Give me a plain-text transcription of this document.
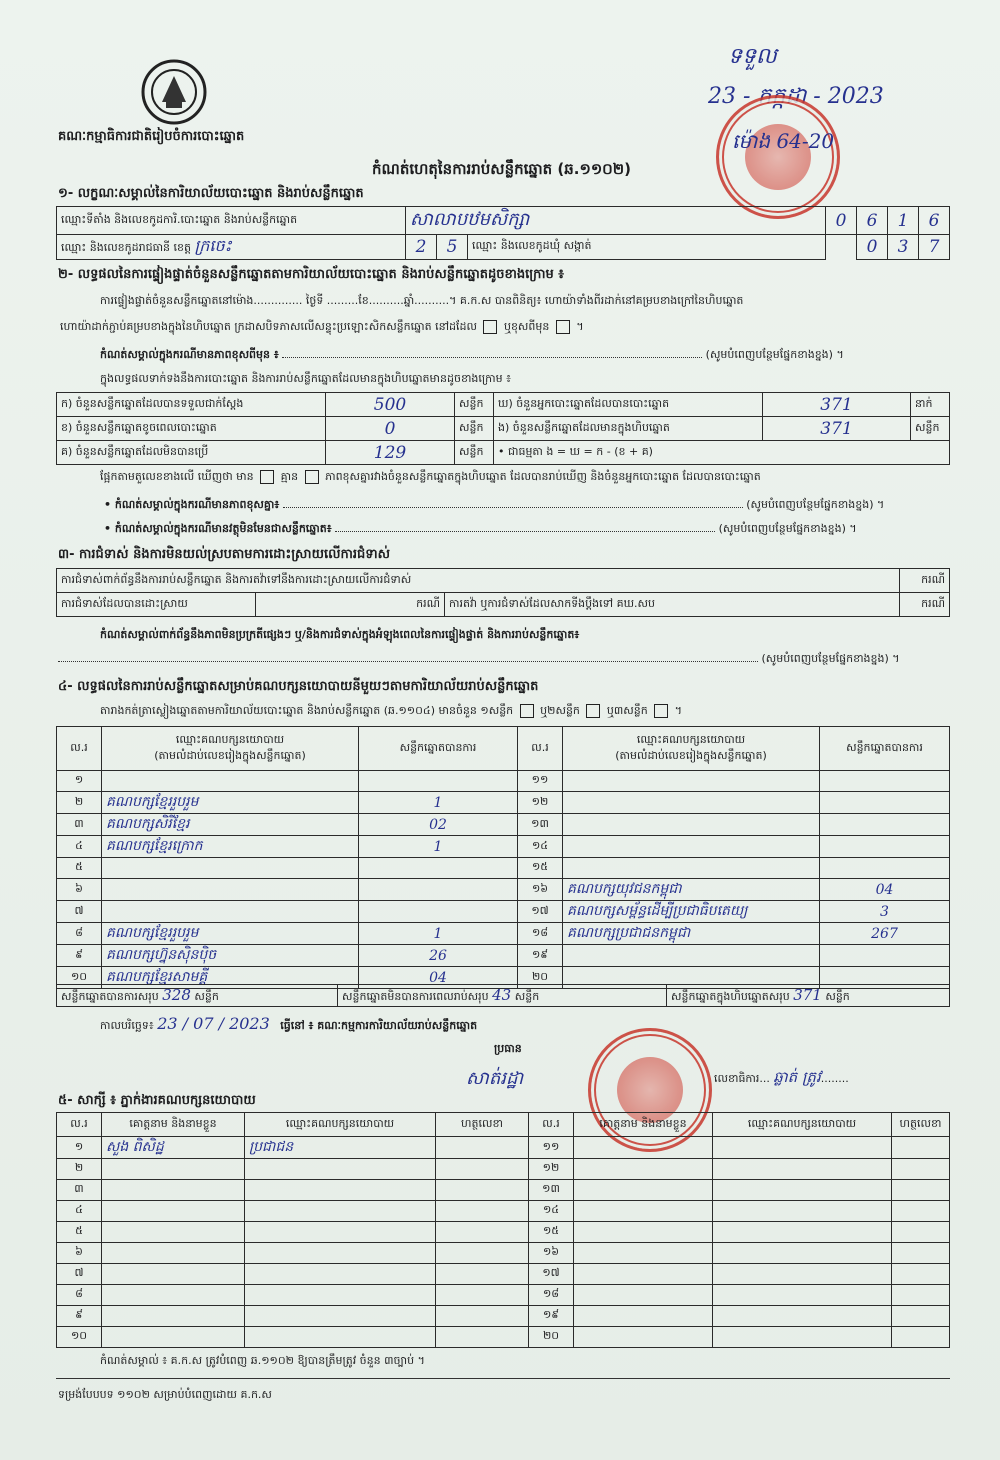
គណៈកម្មាធិការជាតិរៀបចំការបោះឆ្នោត
ទទួល
23 - កក្កដា - 2023
ម៉ោង 64-20
កំណត់ហេតុនៃការរាប់សន្លឹកឆ្នោត (ឆ.១១០២)
១- លក្ខណៈសម្គាល់នៃការិយាល័យបោះឆ្នោត និងរាប់សន្លឹកឆ្នោត
ឈ្មោះទីតាំង និងលេខកូដការិ.បោះឆ្នោត និងរាប់សន្លឹកឆ្នោត	សាលាបឋមសិក្សា			0	6	1	6
ឈ្មោះ និងលេខកូដរាជធានី ខេត្ត ក្រចេះ	2	5	ឈ្មោះ និងលេខកូដឃុំ សង្កាត់		0	3	7
២- លទ្ធផលនៃការផ្ទៀងផ្ទាត់ចំនួនសន្លឹកឆ្នោតតាមការិយាល័យបោះឆ្នោត និងរាប់សន្លឹកឆ្នោតដូចខាងក្រោម ៖
ការផ្ទៀងផ្ទាត់ចំនួនសន្លឹកឆ្នោតនៅម៉ោង.............. ថ្ងៃទី .........ខែ..........ឆ្នាំ..........។ គ.ក.ស បានពិនិត្យ៖ ហោយ៉ាទាំងពីរដាក់នៅគម្របខាងក្រៅនៃហិបឆ្នោត
ហោយ៉ាដាក់ភ្ជាប់គម្របខាងក្នុងនៃហិបឆ្នោត ក្រដាសបិទភាសលើសន្ទុះប្រឡោះសិកសន្លឹកឆ្នោត នៅដដែល ឬខុសពីមុន  ។
កំណត់សម្គាល់ក្នុងករណីមានភាពខុសពីមុន ៖	(សូមបំពេញបន្ថែមផ្នែកខាងខ្នង) ។
ក្នុងលទ្ធផលទាក់ទងនឹងការបោះឆ្នោត និងការរាប់សន្លឹកឆ្នោតដែលមានក្នុងហិបឆ្នោតមានដូចខាងក្រោម ៖
ក) ចំនួនសន្លឹកឆ្នោតដែលបានទទួលជាក់ស្តែង	500	សន្លឹក	ឃ) ចំនួនអ្នកបោះឆ្នោតដែលបានបោះឆ្នោត	371	នាក់
ខ) ចំនួនសន្លឹកឆ្នោតខូចពេលបោះឆ្នោត	0	សន្លឹក	ង) ចំនួនសន្លឹកឆ្នោតដែលមានក្នុងហិបឆ្នោត	371	សន្លឹក
គ) ចំនួនសន្លឹកឆ្នោតដែលមិនបានប្រើ	129	សន្លឹក	• ជាធម្មតា ង = ឃ = ក - (ខ + គ)		
ផ្អែកតាមតួលេខខាងលើ ឃើញថា មាន គ្មាន ភាពខុសគ្នារវាងចំនួនសន្លឹកឆ្នោតក្នុងហិបឆ្នោត ដែលបានរាប់ឃើញ និងចំនួនអ្នកបោះឆ្នោត ដែលបានបោះឆ្នោត
• កំណត់សម្គាល់ក្នុងករណីមានភាពខុសគ្នា៖	(សូមបំពេញបន្ថែមផ្នែកខាងខ្នង) ។
• កំណត់សម្គាល់ក្នុងករណីមានវត្ថុមិនមែនជាសន្លឹកឆ្នោត៖	(សូមបំពេញបន្ថែមផ្នែកខាងខ្នង) ។
៣- ការជំទាស់ និងការមិនយល់ស្របតាមការដោះស្រាយលើការជំទាស់
ការជំទាស់ពាក់ព័ន្ធនឹងការរាប់សន្លឹកឆ្នោត និងការតវ៉ាទៅនឹងការដោះស្រាយលើការជំទាស់			ករណី
ការជំទាស់ដែលបានដោះស្រាយ	ករណី	ការតវ៉ា ឬការជំទាស់ដែលសាកទីងប្តឹងទៅ គឃ.សប	ករណី
កំណត់សម្គាល់ពាក់ព័ន្ធនឹងភាពមិនប្រក្រតីផ្សេងៗ ឬ/និងការជំទាស់ក្នុងអំឡុងពេលនៃការផ្ទៀងផ្ទាត់ និងការរាប់សន្លឹកឆ្នោត៖
(សូមបំពេញបន្ថែមផ្នែកខាងខ្នង) ។
៤- លទ្ធផលនៃការរាប់សន្លឹកឆ្នោតសម្រាប់គណបក្សនយោបាយនីមួយៗតាមការិយាល័យរាប់សន្លឹកឆ្នោត
តារាងកត់ត្រាស្លៀងឆ្នោតតាមការិយាល័យបោះឆ្នោត និងរាប់សន្លឹកឆ្នោត (ឆ.១១០៤) មានចំនួន ១សន្លឹក ឬ២សន្លឹក ឬ៣សន្លឹក  ។
ល.រ	ឈ្មោះគណបក្សនយោបាយ
(តាមលំដាប់លេខរៀងក្នុងសន្លឹកឆ្នោត)	សន្លឹកឆ្នោតបានការ	ល.រ	ឈ្មោះគណបក្សនយោបាយ
(តាមលំដាប់លេខរៀងក្នុងសន្លឹកឆ្នោត)	សន្លឹកឆ្នោតបានការ
១			១១		
២	គណបក្សខ្មែររួបរួម	1	១២		
៣	គណបក្សសិរីខ្មែរ	02	១៣		
៤	គណបក្សខ្មែរក្រោក	1	១៤		
៥			១៥		
៦			១៦	គណបក្សយុវជនកម្ពុជា	04
៧			១៧	គណបក្សសម្ព័ន្ធដើម្បីប្រជាធិបតេយ្យ	3
៨	គណបក្សខ្មែររួបរួម	1	១៨	គណបក្សប្រជាជនកម្ពុជា	267
៩	គណបក្សហ្វ៊ុនស៊ិនប៉ិច	26	១៩		
១០	គណបក្សខ្មែរសាមគ្គី	04	២០		
សន្លឹកឆ្នោតបានការសរុប 328 សន្លឹក	សន្លឹកឆ្នោតមិនបានការពេលរាប់សរុប 43 សន្លឹក	សន្លឹកឆ្នោតក្នុងហិបឆ្នោតសរុប 371 សន្លឹក
កាលបរិច្ឆេទ៖ 23 / 07 / 2023 ធ្វើនៅ ៖ គណៈកម្មការការិយាល័យរាប់សន្លឹកឆ្នោត
ប្រធាន
សាត់រដ្ឋា	លេខាធិការ... ឆ្លាត់ ត្រូវ........
៥- សាក្សី ៖ ភ្នាក់ងារគណបក្សនយោបាយ
ល.រ	គោត្តនាម និងនាមខ្លួន	ឈ្មោះគណបក្សនយោបាយ	ហត្ថលេខា	ល.រ	គោត្តនាម និងនាមខ្លួន	ឈ្មោះគណបក្សនយោបាយ	ហត្ថលេខា
១	សួង ពិសិដ្ឋ	ប្រជាជន		១១			
២				១២			
៣				១៣			
៤				១៤			
៥				១៥			
៦				១៦			
៧				១៧			
៨				១៨			
៩				១៩			
១០				២០			
កំណត់សម្គាល់ ៖ គ.ក.ស ត្រូវបំពេញ ឆ.១១០២ ឱ្យបានត្រឹមត្រូវ ចំនួន ៣ច្បាប់ ។
ទម្រង់បែបបទ ១១០២ សម្រាប់បំពេញដោយ គ.ក.ស
